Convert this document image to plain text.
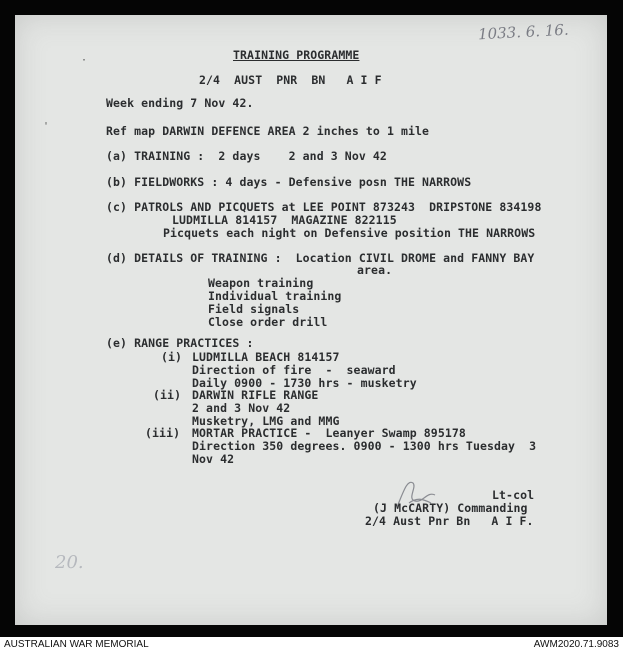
1033. 6. 16.
·
'
TRAINING PROGRAMME
2/4  AUST  PNR  BN   A I F
Week ending 7 Nov 42.
Ref map DARWIN DEFENCE AREA 2 inches to 1 mile
(a) TRAINING :  2 days    2 and 3 Nov 42
(b) FIELDWORKS : 4 days - Defensive posn THE NARROWS
(c) PATROLS AND PICQUETS at LEE POINT 873243  DRIPSTONE 834198
LUDMILLA 814157  MAGAZINE 822115
Picquets each night on Defensive position THE NARROWS
(d) DETAILS OF TRAINING :  Location CIVIL DROME and FANNY BAY
area.
Weapon training
Individual training
Field signals
Close order drill
(e) RANGE PRACTICES :
(i) LUDMILLA BEACH 814157
Direction of fire  -  seaward
Daily 0900 - 1730 hrs - musketry
(ii) DARWIN RIFLE RANGE
2 and 3 Nov 42
Musketry, LMG and MMG
(iii) MORTAR PRACTICE -  Leanyer Swamp 895178
Direction 350 degrees. 0900 - 1300 hrs Tuesday  3
Nov 42
Lt-col
(J McCARTY) Commanding
2/4 Aust Pnr Bn   A I F.
20.
AUSTRALIAN WAR MEMORIAL	AWM2020.71.9083
